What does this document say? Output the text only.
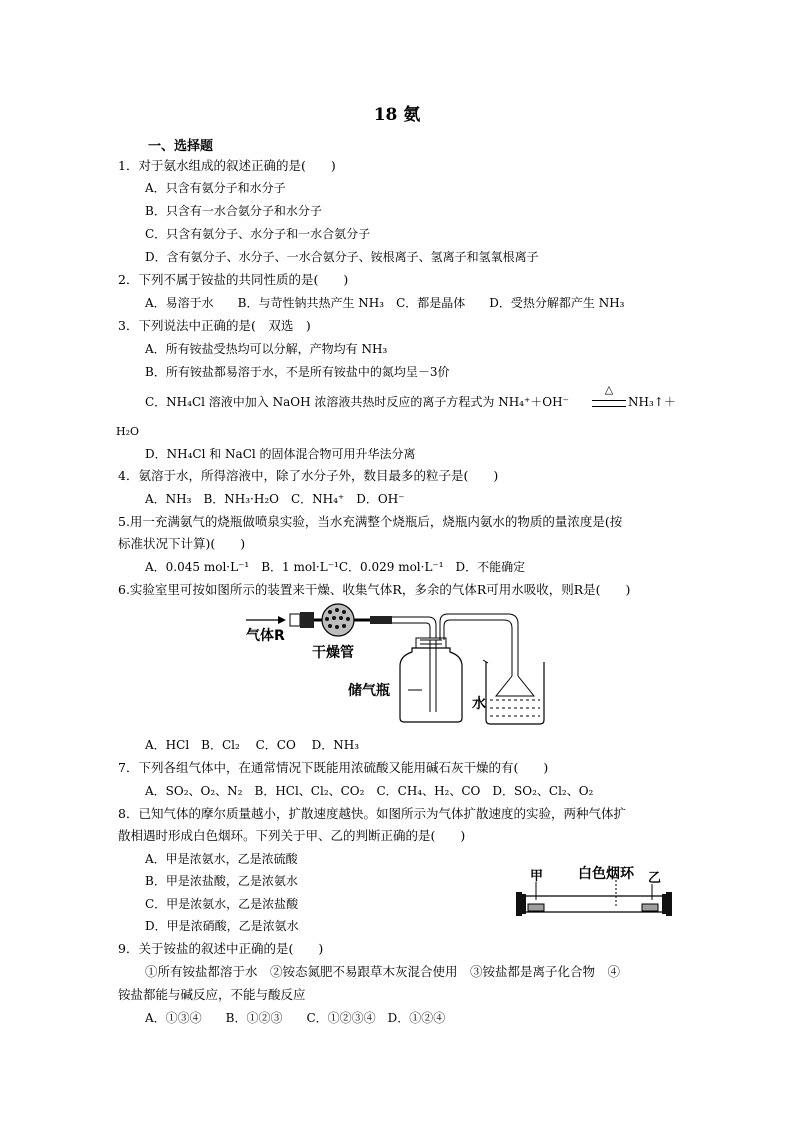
18 氨
一、选择题
1．对于氨水组成的叙述正确的是(　　)
A．只含有氨分子和水分子
B．只含有一水合氨分子和水分子
C．只含有氨分子、水分子和一水合氨分子
D．含有氨分子、水分子、一水合氨分子、铵根离子、氢离子和氢氧根离子
2．下列不属于铵盐的共同性质的是(　　)
A．易溶于水　　B．与苛性钠共热产生 NH₃　C．都是晶体　　D．受热分解都产生 NH₃
3．下列说法中正确的是(　双选　)
A．所有铵盐受热均可以分解，产物均有 NH₃
B．所有铵盐都易溶于水，不是所有铵盐中的氮均呈－3价
C．NH₄Cl 溶液中加入 NaOH 浓溶液共热时反应的离子方程式为 NH₄⁺＋OH⁻
△
NH₃↑＋
H₂O
D．NH₄Cl 和 NaCl 的固体混合物可用升华法分离
4．氨溶于水，所得溶液中，除了水分子外，数目最多的粒子是(　　)
A．NH₃　B．NH₃·H₂O　C．NH₄⁺　D．OH⁻
5.用一充满氨气的烧瓶做喷泉实验，当水充满整个烧瓶后，烧瓶内氨水的物质的量浓度是(按
标准状况下计算)(　　)
A．0.045 mol·L⁻¹　B．1 mol·L⁻¹C．0.029 mol·L⁻¹　D．不能确定
6.实验室里可按如图所示的装置来干燥、收集气体R，多余的气体R可用水吸收，则R是(　　)
气体R
干燥管
储气瓶
水
A．HCl　B．Cl₂　 C．CO　 D．NH₃
7．下列各组气体中，在通常情况下既能用浓硫酸又能用碱石灰干燥的有(　　)
A．SO₂、O₂、N₂　B．HCl、Cl₂、CO₂　C．CH₄、H₂、CO　D．SO₂、Cl₂、O₂
8．已知气体的摩尔质量越小，扩散速度越快。如图所示为气体扩散速度的实验，两种气体扩
散相遇时形成白色烟环。下列关于甲、乙的判断正确的是(　　)
A．甲是浓氨水，乙是浓硫酸
B．甲是浓盐酸，乙是浓氨水
C．甲是浓氨水，乙是浓盐酸
D．甲是浓硝酸，乙是浓氨水
甲 白色烟环 乙
9．关于铵盐的叙述中正确的是(　　)
①所有铵盐都溶于水　②铵态氮肥不易跟草木灰混合使用　③铵盐都是离子化合物　④
铵盐都能与碱反应，不能与酸反应
A．①③④　　B．①②③　　C．①②③④　D．①②④
